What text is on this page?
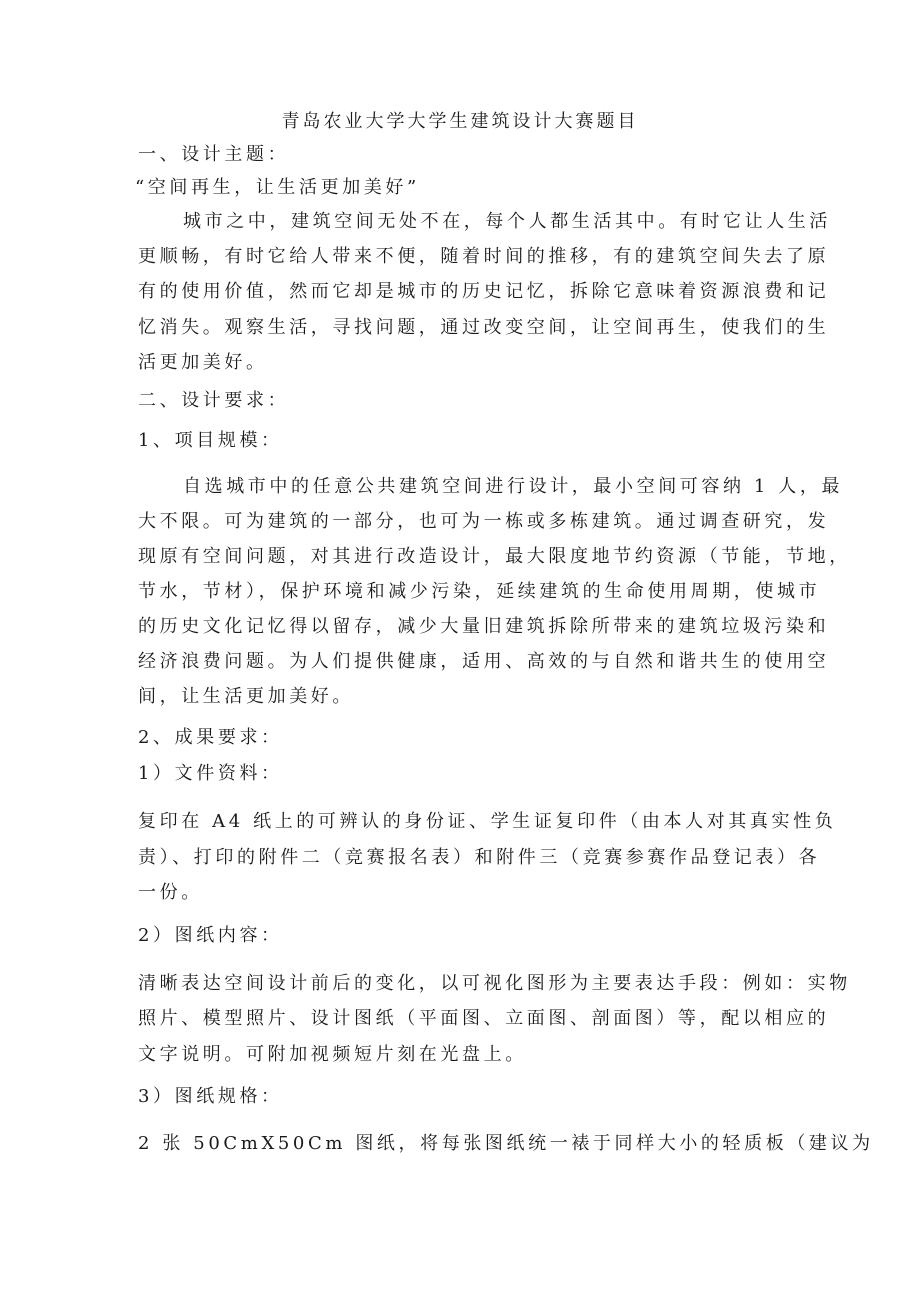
青岛农业大学大学生建筑设计大赛题目
一、设计主题：
“空间再生，让生活更加美好”
城市之中，建筑空间无处不在，每个人都生活其中。有时它让人生活
更顺畅，有时它给人带来不便，随着时间的推移，有的建筑空间失去了原
有的使用价值，然而它却是城市的历史记忆，拆除它意味着资源浪费和记
忆消失。观察生活，寻找问题，通过改变空间，让空间再生，使我们的生
活更加美好。
二、设计要求：
1、项目规模：
自选城市中的任意公共建筑空间进行设计，最小空间可容纳 1 人，最
大不限。可为建筑的一部分，也可为一栋或多栋建筑。通过调查研究，发
现原有空间问题，对其进行改造设计，最大限度地节约资源（节能，节地，
节水，节材），保护环境和减少污染，延续建筑的生命使用周期，使城市
的历史文化记忆得以留存，减少大量旧建筑拆除所带来的建筑垃圾污染和
经济浪费问题。为人们提供健康，适用、高效的与自然和谐共生的使用空
间，让生活更加美好。
2、成果要求：
1）文件资料：
复印在 A4 纸上的可辨认的身份证、学生证复印件（由本人对其真实性负
责）、打印的附件二（竞赛报名表）和附件三（竞赛参赛作品登记表）各
一份。
2）图纸内容：
清晰表达空间设计前后的变化，以可视化图形为主要表达手段：例如：实物
照片、模型照片、设计图纸（平面图、立面图、剖面图）等，配以相应的
文字说明。可附加视频短片刻在光盘上。
3）图纸规格：
2 张 50CmX50Cm 图纸，将每张图纸统一裱于同样大小的轻质板（建议为
